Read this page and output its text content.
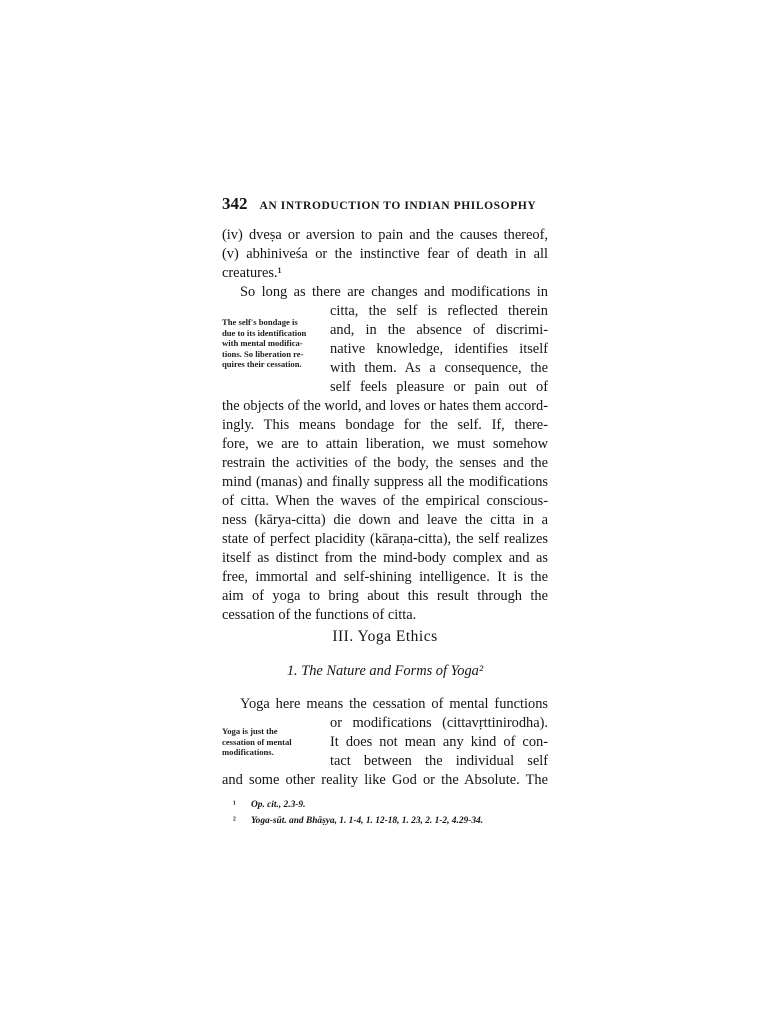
342 AN INTRODUCTION TO INDIAN PHILOSOPHY
(iv) dveṣa or aversion to pain and the causes thereof,
(v) abhiniveśa or the instinctive fear of death in all
creatures.¹
So long as there are changes and modifications in
citta, the self is reflected therein
and, in the absence of discrimi-
native knowledge, identifies itself
with them. As a consequence, the
self feels pleasure or pain out of
the objects of the world, and loves or hates them accord-
ingly. This means bondage for the self. If, there-
fore, we are to attain liberation, we must somehow
restrain the activities of the body, the senses and the
mind (manas) and finally suppress all the modifications
of citta. When the waves of the empirical conscious-
ness (kārya-citta) die down and leave the citta in a
state of perfect placidity (kāraṇa-citta), the self realizes
itself as distinct from the mind-body complex and as
free, immortal and self-shining intelligence. It is the
aim of yoga to bring about this result through the
cessation of the functions of citta.
The self's bondage is
due to its identification
with mental modifica-
tions. So liberation re-
quires their cessation.
III. Yoga Ethics
1. The Nature and Forms of Yoga²
Yoga here means the cessation of mental functions
or modifications (cittavṛttinirodha).
It does not mean any kind of con-
tact between the individual self
and some other reality like God or the Absolute. The
Yoga is just the
cessation of mental
modifications.
¹ Op. cit., 2.3-9.
² Yoga-sūt. and Bhāṣya, 1. 1-4, 1. 12-18, 1. 23, 2. 1-2, 4.29-34.
